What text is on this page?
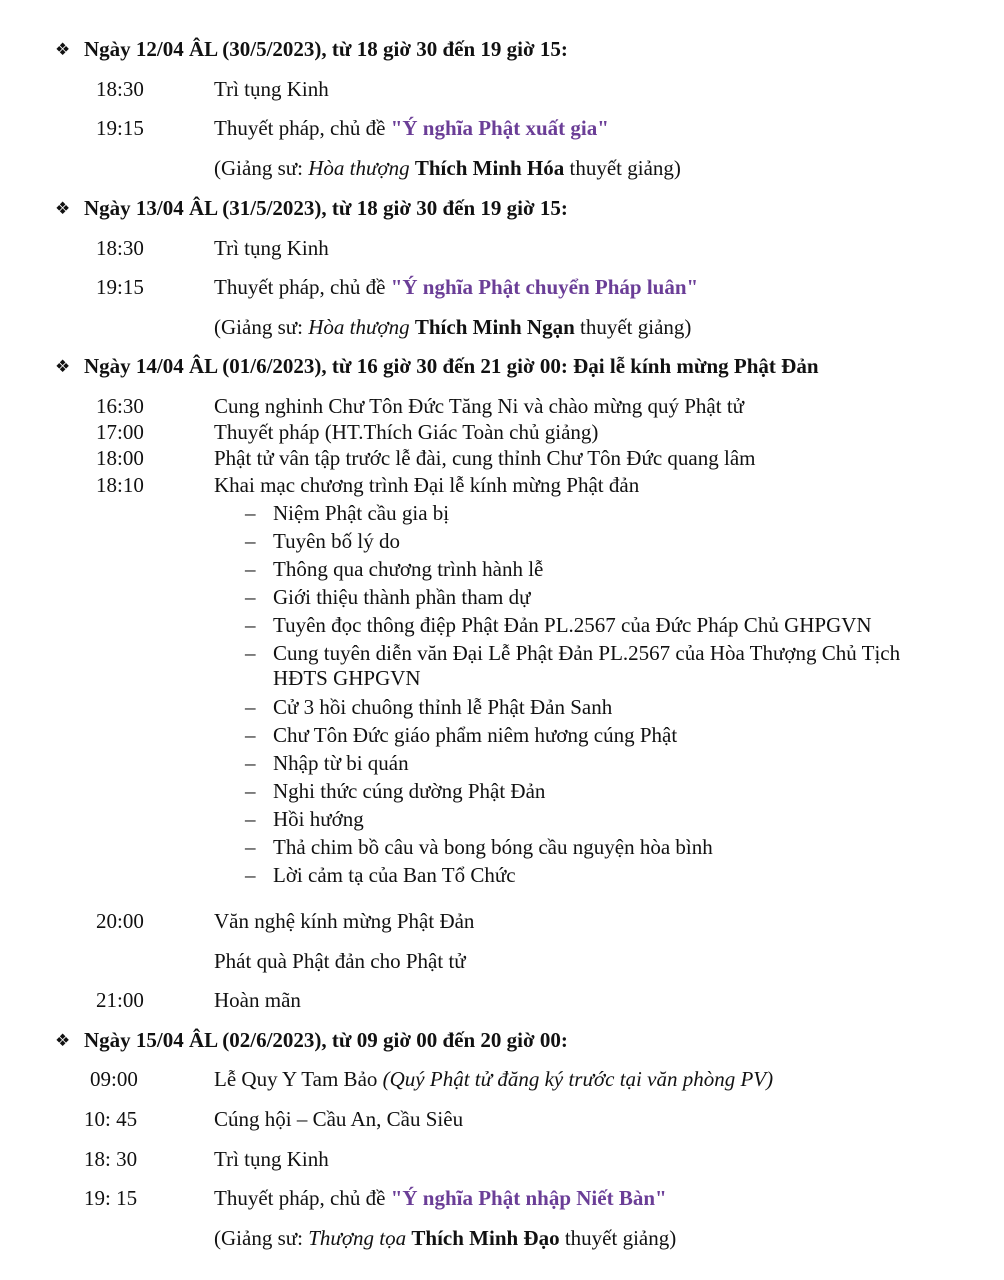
❖ Ngày 12/04 ÂL (30/5/2023), từ 18 giờ 30 đến 19 giờ 15:
18:30	Trì tụng Kinh
19:15	Thuyết pháp, chủ đề "Ý nghĩa Phật xuất gia"
(Giảng sư: Hòa thượng Thích Minh Hóa thuyết giảng)
❖ Ngày 13/04 ÂL (31/5/2023), từ 18 giờ 30 đến 19 giờ 15:
18:30	Trì tụng Kinh
19:15	Thuyết pháp, chủ đề "Ý nghĩa Phật chuyển Pháp luân"
(Giảng sư: Hòa thượng Thích Minh Ngạn thuyết giảng)
❖ Ngày 14/04 ÂL (01/6/2023), từ 16 giờ 30 đến 21 giờ 00: Đại lễ kính mừng Phật Đản
16:30	Cung nghinh Chư Tôn Đức Tăng Ni và chào mừng quý Phật tử
17:00	Thuyết pháp (HT.Thích Giác Toàn chủ giảng)
18:00	Phật tử vân tập trước lễ đài, cung thỉnh Chư Tôn Đức quang lâm
18:10	Khai mạc chương trình Đại lễ kính mừng Phật đản
– Niệm Phật cầu gia bị
– Tuyên bố lý do
– Thông qua chương trình hành lễ
– Giới thiệu thành phần tham dự
– Tuyên đọc thông điệp Phật Đản PL.2567 của Đức Pháp Chủ GHPGVN
– Cung tuyên diễn văn Đại Lễ Phật Đản PL.2567 của Hòa Thượng Chủ Tịch
HĐTS GHPGVN
– Cử 3 hồi chuông thỉnh lễ Phật Đản Sanh
– Chư Tôn Đức giáo phẩm niêm hương cúng Phật
– Nhập từ bi quán
– Nghi thức cúng dường Phật Đản
– Hồi hướng
– Thả chim bồ câu và bong bóng cầu nguyện hòa bình
– Lời cảm tạ của Ban Tổ Chức
20:00	Văn nghệ kính mừng Phật Đản
Phát quà Phật đản cho Phật tử
21:00	Hoàn mãn
❖ Ngày 15/04 ÂL (02/6/2023), từ 09 giờ 00 đến 20 giờ 00:
09:00	Lễ Quy Y Tam Bảo (Quý Phật tử đăng ký trước tại văn phòng PV)
10: 45	Cúng hội – Cầu An, Cầu Siêu
18: 30	Trì tụng Kinh
19: 15	Thuyết pháp, chủ đề "Ý nghĩa Phật nhập Niết Bàn"
(Giảng sư: Thượng tọa Thích Minh Đạo thuyết giảng)
